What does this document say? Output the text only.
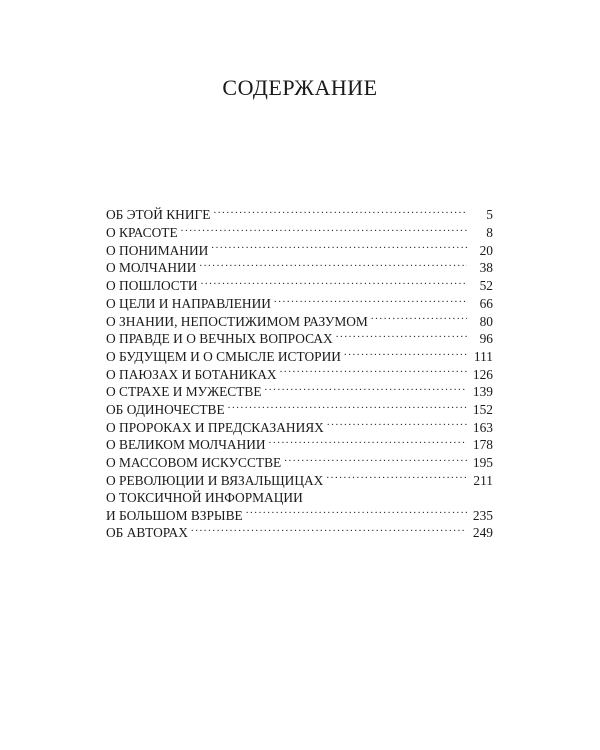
СОДЕРЖАНИЕ
ОБ ЭТОЙ КНИГЕ . . .	5
О КРАСОТЕ . . .	8
О ПОНИМАНИИ . . .	20
О МОЛЧАНИИ . . .	38
О ПОШЛОСТИ . . .	52
О ЦЕЛИ И НАПРАВЛЕНИИ . . .	66
О ЗНАНИИ, НЕПОСТИЖИМОМ РАЗУМОМ . . .	80
О ПРАВДЕ И О ВЕЧНЫХ ВОПРОСАХ . . .	96
О БУДУЩЕМ И О СМЫСЛЕ ИСТОРИИ . . .	111
О ПАЮЗАХ И БОТАНИКАХ . . .	126
О СТРАХЕ И МУЖЕСТВЕ . . .	139
ОБ ОДИНОЧЕСТВЕ . . .	152
О ПРОРОКАХ И ПРЕДСКАЗАНИЯХ . . .	163
О ВЕЛИКОМ МОЛЧАНИИ . . .	178
О МАССОВОМ ИСКУССТВЕ . . .	195
О РЕВОЛЮЦИИ И ВЯЗАЛЬЩИЦАХ . . .	211
О ТОКСИЧНОЙ ИНФОРМАЦИИ
И БОЛЬШОМ ВЗРЫВЕ . . .	235
ОБ АВТОРАХ . . .	249
